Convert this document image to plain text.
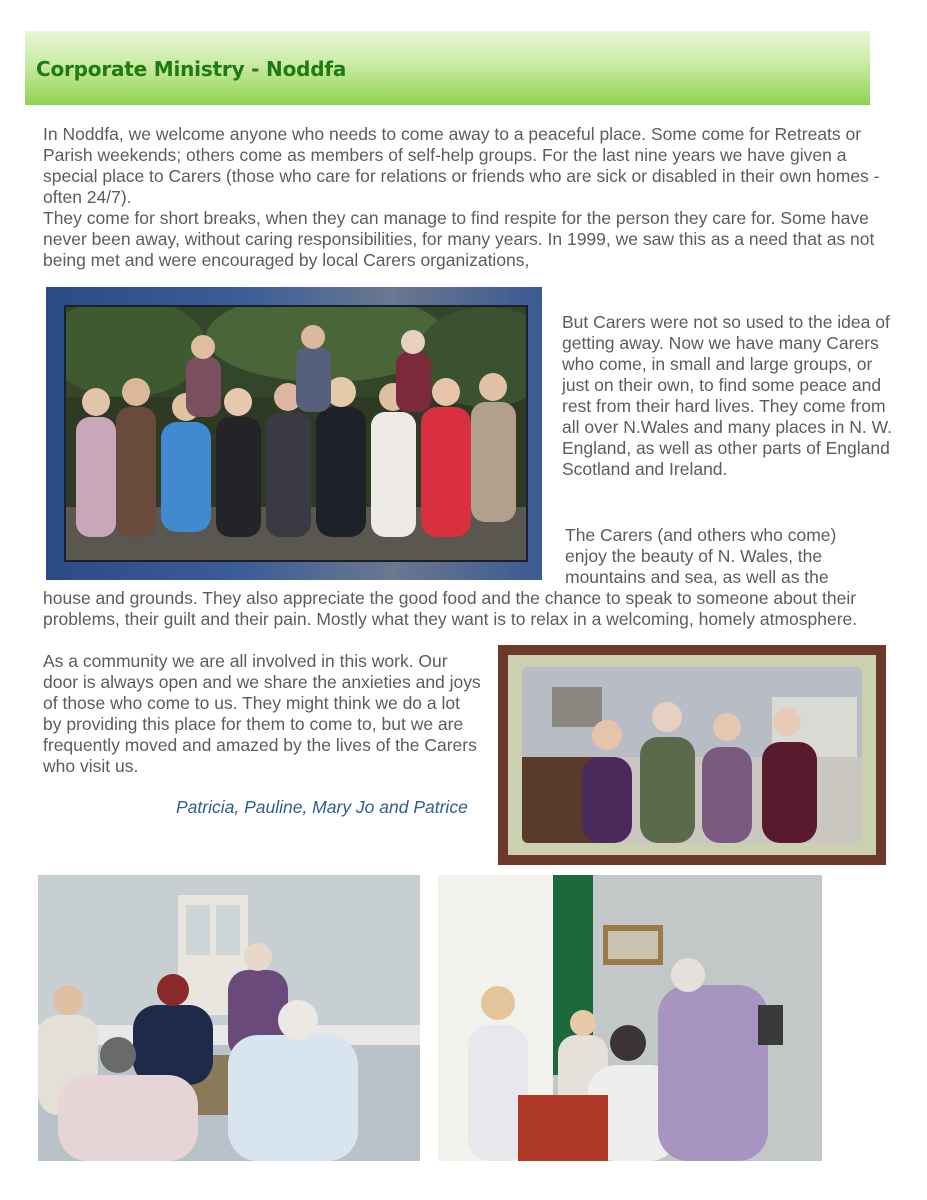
Corporate Ministry - Noddfa

In Noddfa, we welcome anyone who needs to come away to a peaceful place. Some come for Retreats or Parish weekends; others come as members of self-help groups. For the last nine years we have given a special place to Carers (those who care for relations or friends who are sick or disabled in their own homes -often 24/7).

They come for short breaks, when they can manage to find respite for the person they care for. Some have never been away, without caring responsibilities, for many years. In 1999, we saw this as a need that as not being met and were encouraged by local Carers organizations,

But Carers were not so used to the idea of getting away. Now we have many Carers who come, in small and large groups, or just on their own, to find some peace and rest from their hard lives. They come from all over N.Wales and many places in N. W. England, as well as other parts of England Scotland and Ireland.

The Carers (and others who come)
enjoy the beauty of N. Wales, the
mountains and sea, as well as the

house and grounds. They also appreciate the good food and the chance to speak to someone about their problems, their guilt and their pain. Mostly what they want is to relax in a welcoming, homely atmosphere.

As a community we are all involved in this work. Our door is always open and we share the anxieties and joys of those who come to us. They might think we do a lot by providing this place for them to come to, but we are frequently moved and amazed by the lives of the Carers who visit us.

Patricia, Pauline, Mary Jo and Patrice
